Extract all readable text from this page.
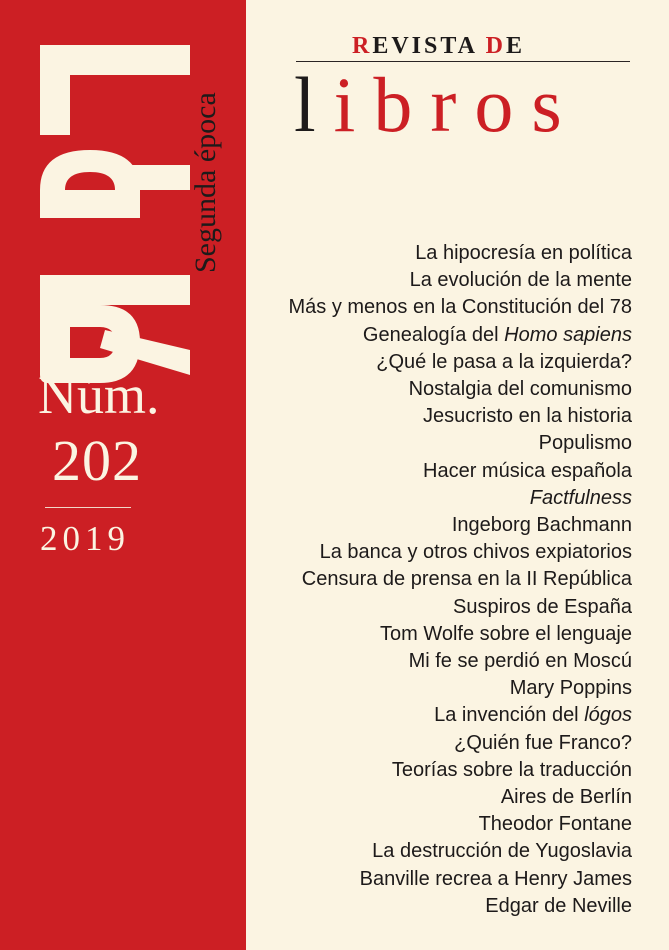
Segunda época
Núm.
202
2019
REVISTA DE
libros
La hipocresía en política
La evolución de la mente
Más y menos en la Constitución del 78
Genealogía del Homo sapiens
¿Qué le pasa a la izquierda?
Nostalgia del comunismo
Jesucristo en la historia
Populismo
Hacer música española
Factfulness
Ingeborg Bachmann
La banca y otros chivos expiatorios
Censura de prensa en la II República
Suspiros de España
Tom Wolfe sobre el lenguaje
Mi fe se perdió en Moscú
Mary Poppins
La invención del lógos
¿Quién fue Franco?
Teorías sobre la traducción
Aires de Berlín
Theodor Fontane
La destrucción de Yugoslavia
Banville recrea a Henry James
Edgar de Neville
